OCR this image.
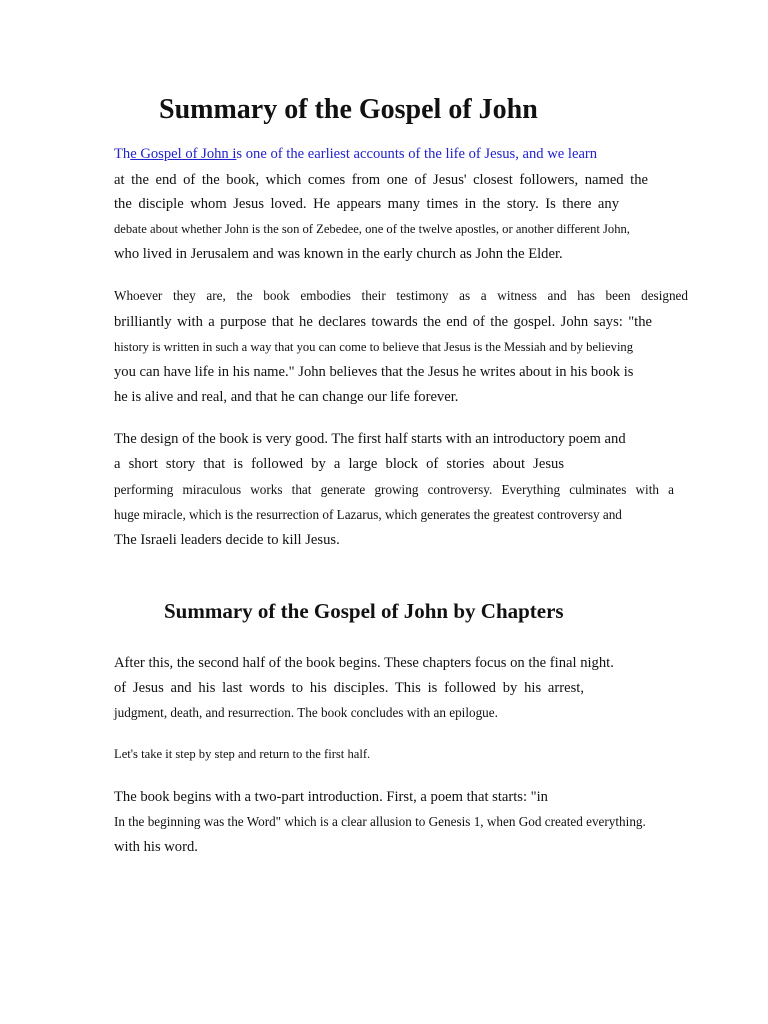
Summary of the Gospel of John
The Gospel of John is one of the earliest accounts of the life of Jesus, and we learn
at the end of the book, which comes from one of Jesus' closest followers, named the
the disciple whom Jesus loved. He appears many times in the story. Is there any
debate about whether John is the son of Zebedee, one of the twelve apostles, or another different John,
who lived in Jerusalem and was known in the early church as John the Elder.
Whoever they are, the book embodies their testimony as a witness and has been designed
brilliantly with a purpose that he declares towards the end of the gospel. John says: "the
history is written in such a way that you can come to believe that Jesus is the Messiah and by believing
you can have life in his name." John believes that the Jesus he writes about in his book is
he is alive and real, and that he can change our life forever.
The design of the book is very good. The first half starts with an introductory poem and
a short story that is followed by a large block of stories about Jesus
performing miraculous works that generate growing controversy. Everything culminates with a
huge miracle, which is the resurrection of Lazarus, which generates the greatest controversy and
The Israeli leaders decide to kill Jesus.
Summary of the Gospel of John by Chapters
After this, the second half of the book begins. These chapters focus on the final night.
of Jesus and his last words to his disciples. This is followed by his arrest,
judgment, death, and resurrection. The book concludes with an epilogue.
Let's take it step by step and return to the first half.
The book begins with a two-part introduction. First, a poem that starts: "in
In the beginning was the Word" which is a clear allusion to Genesis 1, when God created everything.
with his word.
